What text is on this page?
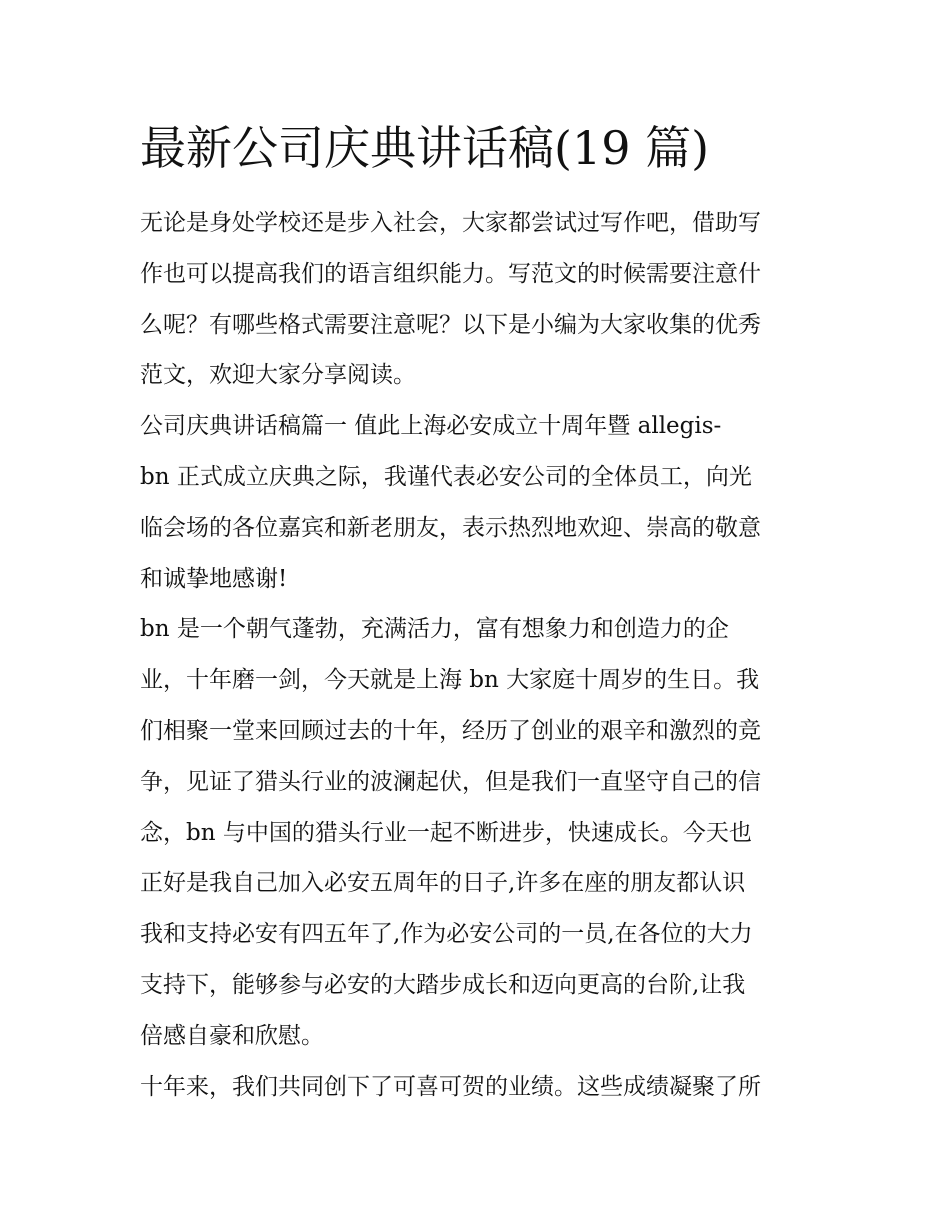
最新公司庆典讲话稿(19 篇)
无论是身处学校还是步入社会，大家都尝试过写作吧，借助写
作也可以提高我们的语言组织能力。写范文的时候需要注意什
么呢？有哪些格式需要注意呢？以下是小编为大家收集的优秀
范文，欢迎大家分享阅读。
公司庆典讲话稿篇一 值此上海必安成立十周年暨 allegis-
bn 正式成立庆典之际，我谨代表必安公司的全体员工，向光
临会场的各位嘉宾和新老朋友，表示热烈地欢迎、崇高的敬意
和诚挚地感谢!
bn 是一个朝气蓬勃，充满活力，富有想象力和创造力的企
业，十年磨一剑，今天就是上海 bn 大家庭十周岁的生日。我
们相聚一堂来回顾过去的十年，经历了创业的艰辛和激烈的竞
争，见证了猎头行业的波澜起伏，但是我们一直坚守自己的信
念，bn 与中国的猎头行业一起不断进步，快速成长。今天也
正好是我自己加入必安五周年的日子,许多在座的朋友都认识
我和支持必安有四五年了,作为必安公司的一员,在各位的大力
支持下，能够参与必安的大踏步成长和迈向更高的台阶,让我
倍感自豪和欣慰。
十年来，我们共同创下了可喜可贺的业绩。这些成绩凝聚了所
